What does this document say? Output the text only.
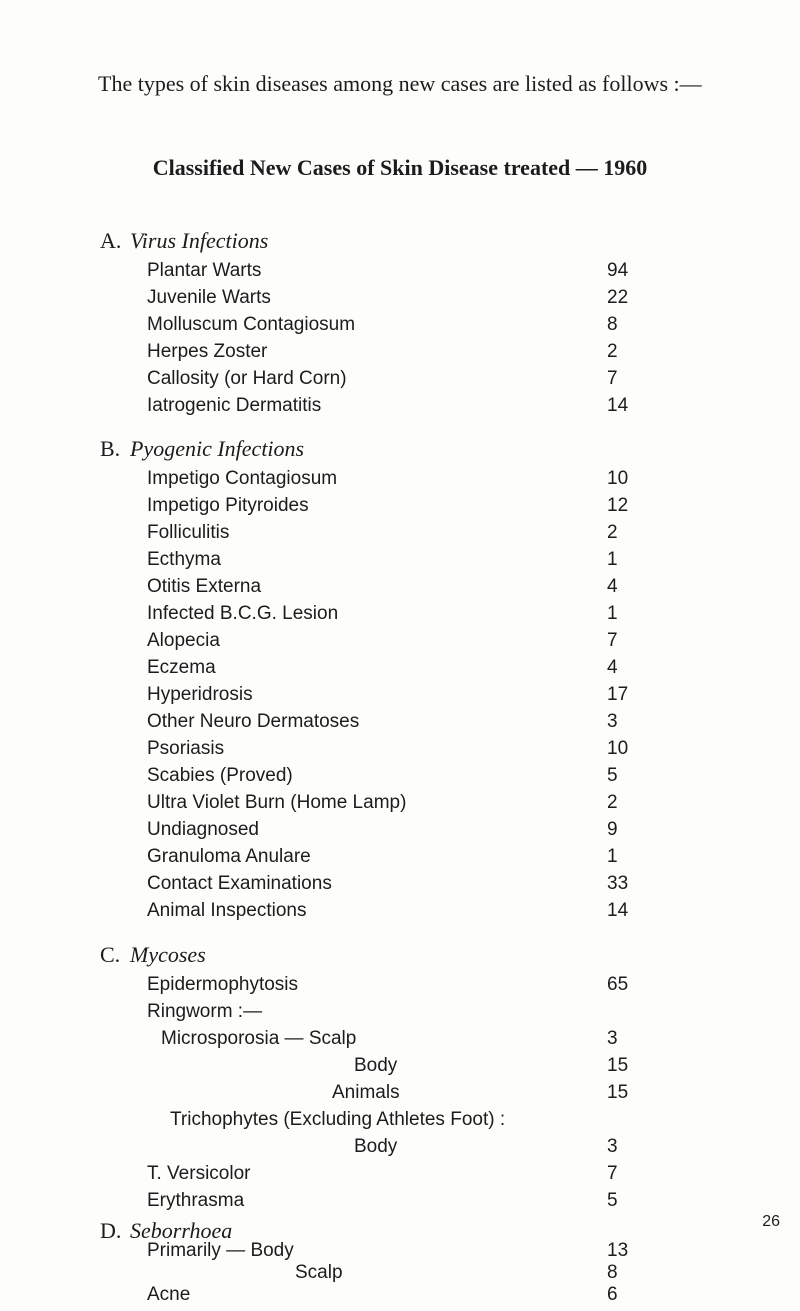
The types of skin diseases among new cases are listed as follows :—
Classified New Cases of Skin Disease treated — 1960
A. Virus Infections
Plantar Warts	94
Juvenile Warts	22
Molluscum Contagiosum	8
Herpes Zoster	2
Callosity (or Hard Corn)	7
Iatrogenic Dermatitis	14
B. Pyogenic Infections
Impetigo Contagiosum	10
Impetigo Pityroides	12
Folliculitis	2
Ecthyma	1
Otitis Externa	4
Infected B.C.G. Lesion	1
Alopecia	7
Eczema	4
Hyperidrosis	17
Other Neuro Dermatoses	3
Psoriasis	10
Scabies (Proved)	5
Ultra Violet Burn (Home Lamp)	2
Undiagnosed	9
Granuloma Anulare	1
Contact Examinations	33
Animal Inspections	14
C. Mycoses
Epidermophytosis	65
Ringworm :—
Microsporosia — Scalp	3
Body	15
Animals	15
Trichophytes (Excluding Athletes Foot) :
Body	3
T. Versicolor	7
Erythrasma	5
26
D. Seborrhoea
Primarily — Body	13
Scalp	8
Acne	6
